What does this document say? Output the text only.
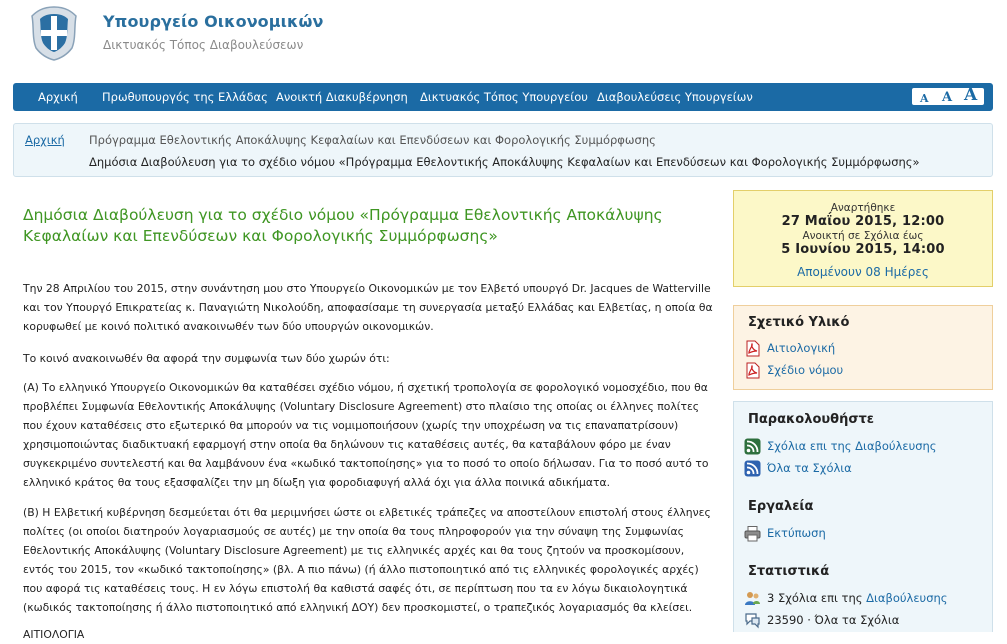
Υπουργείο Οικονομικών
Δικτυακός Τόπος Διαβουλεύσεων
Αρχική Πρωθυπουργός της Ελλάδας Ανοικτή Διακυβέρνηση Δικτυακός Τόπος Υπουργείου Διαβουλεύσεις Υπουργείων	A A A
Αρχική Πρόγραμμα Εθελοντικής Αποκάλυψης Κεφαλαίων και Επενδύσεων και Φορολογικής Συμμόρφωσης
Δημόσια Διαβούλευση για το σχέδιο νόμου «Πρόγραμμα Εθελοντικής Αποκάλυψης Κεφαλαίων και Επενδύσεων και Φορολογικής Συμμόρφωσης»
Δημόσια Διαβούλευση για το σχέδιο νόμου «Πρόγραμμα Εθελοντικής Αποκάλυψης
Κεφαλαίων και Επενδύσεων και Φορολογικής Συμμόρφωσης»

Την 28 Απριλίου του 2015, στην συνάντηση μου στο Υπουργείο Οικονομικών με τον Ελβετό υπουργό Dr. Jacques de Watterville και τον Υπουργό Επικρατείας κ. Παναγιώτη Νικολούδη, αποφασίσαμε τη συνεργασία μεταξύ Ελλάδας και Ελβετίας, η οποία θα κορυφωθεί με κοινό πολιτικό ανακοινωθέν των δύο υπουργών οικονομικών.

Το κοινό ανακοινωθέν θα αφορά την συμφωνία των δύο χωρών ότι:

(Α) Το ελληνικό Υπουργείο Οικονομικών θα καταθέσει σχέδιο νόμου, ή σχετική τροπολογία σε φορολογικό νομοσχέδιο, που θα προβλέπει Συμφωνία Εθελοντικής Αποκάλυψης (Voluntary Disclosure Agreement) στο πλαίσιο της οποίας οι έλληνες πολίτες που έχουν καταθέσεις στο εξωτερικό θα μπορούν να τις νομιμοποιήσουν (χωρίς την υποχρέωση να τις επαναπατρίσουν) χρησιμοποιώντας διαδικτυακή εφαρμογή στην οποία θα δηλώνουν τις καταθέσεις αυτές, θα καταβάλουν φόρο με έναν συγκεκριμένο συντελεστή και θα λαμβάνουν ένα «κωδικό τακτοποίησης» για το ποσό το οποίο δήλωσαν. Για το ποσό αυτό το ελληνικό κράτος θα τους εξασφαλίζει την μη δίωξη για φοροδιαφυγή αλλά όχι για άλλα ποινικά αδικήματα.

(Β) Η Ελβετική κυβέρνηση δεσμεύεται ότι θα μεριμνήσει ώστε οι ελβετικές τράπεζες να αποστείλουν επιστολή στους έλληνες πολίτες (οι οποίοι διατηρούν λογαριασμούς σε αυτές) με την οποία θα τους πληροφορούν για την σύναψη της Συμφωνίας Εθελοντικής Αποκάλυψης (Voluntary Disclosure Agreement) με τις ελληνικές αρχές και θα τους ζητούν να προσκομίσουν, εντός του 2015, τον «κωδικό τακτοποίησης» (βλ. Α πιο πάνω) (ή άλλο πιστοποιητικό από τις ελληνικές φορολογικές αρχές) που αφορά τις καταθέσεις τους. Η εν λόγω επιστολή θα καθιστά σαφές ότι, σε περίπτωση που τα εν λόγω δικαιολογητικά (κωδικός τακτοποίησης ή άλλο πιστοποιητικό από ελληνική ΔΟΥ) δεν προσκομιστεί, ο τραπεζικός λογαριασμός θα κλείσει.

ΑΙΤΙΟΛΟΓΙΑ

Αναρτήθηκε
27 Μαΐου 2015, 12:00
Ανοικτή σε Σχόλια έως
5 Ιουνίου 2015, 14:00
Απομένουν 08 Ημέρες
Σχετικό Υλικό
Αιτιολογική
Σχέδιο νόμου
Παρακολουθήστε
Σχόλια επι της Διαβούλευσης
Όλα τα Σχόλια
Εργαλεία
Εκτύπωση
Στατιστικά
3 Σχόλια επι της Διαβούλευσης
23590 · Όλα τα Σχόλια
